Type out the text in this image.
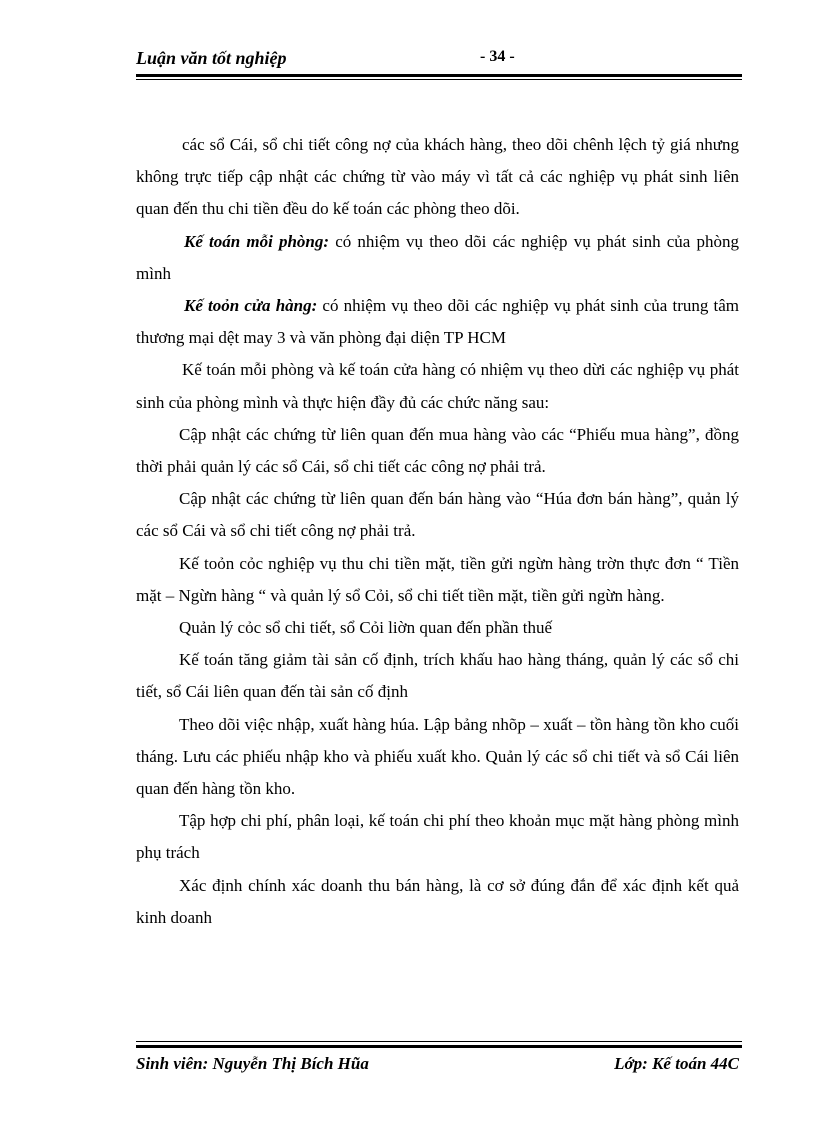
Luận văn tốt nghiệp	- 34 -

các sổ Cái, sổ chi tiết công nợ của khách hàng, theo dõi chênh lệch tỷ giá nhưng không trực tiếp cập nhật các chứng từ vào máy vì tất cả các nghiệp vụ phát sinh liên quan đến thu chi tiền đều do kế toán các phòng theo dõi.

Kế toán mỗi phòng: có nhiệm vụ theo dõi các nghiệp vụ phát sinh của phòng mình

Kế toỏn cửa hàng: có nhiệm vụ theo dõi các nghiệp vụ phát sinh của trung tâm thương mại dệt may 3 và văn phòng đại diện TP HCM

Kế toán mỗi phòng và kế toán cửa hàng có nhiệm vụ theo dừi các nghiệp vụ phát sinh của phòng mình và thực hiện đầy đủ các chức năng sau:

Cập nhật các chứng từ liên quan đến mua hàng vào các “Phiếu mua hàng”, đồng thời phải quản lý các sổ Cái, sổ chi tiết các công nợ phải trả.

Cập nhật các chứng từ liên quan đến bán hàng vào “Húa đơn bán hàng”, quản lý các sổ Cái và sổ chi tiết công nợ phải trả.

Kế toỏn cỏc nghiệp vụ thu chi tiền mặt, tiền gửi ngừn hàng trờn thực đơn “ Tiền mặt – Ngừn hàng “ và quản lý sổ Cỏi, sổ chi tiết tiền mặt, tiền gửi ngừn hàng.

Quản lý cỏc sổ chi tiết, sổ Cỏi liờn quan đến phần thuế

Kế toán tăng giảm tài sản cố định, trích khấu hao hàng tháng, quản lý các sổ chi tiết, sổ Cái liên quan đến tài sản cố định

Theo dõi việc nhập, xuất hàng húa. Lập bảng nhõp – xuất – tồn hàng tồn kho cuối tháng. Lưu các phiếu nhập kho và phiếu xuất kho. Quản lý các sổ chi tiết và sổ Cái liên quan đến hàng tồn kho.

Tập hợp chi phí, phân loại, kế toán chi phí theo khoản mục mặt hàng phòng mình phụ trách

Xác định chính xác doanh thu bán hàng, là cơ sở đúng đắn để xác định kết quả kinh doanh

Sinh viên: Nguyễn Thị Bích Hũa	Lớp: Kế toán 44C
